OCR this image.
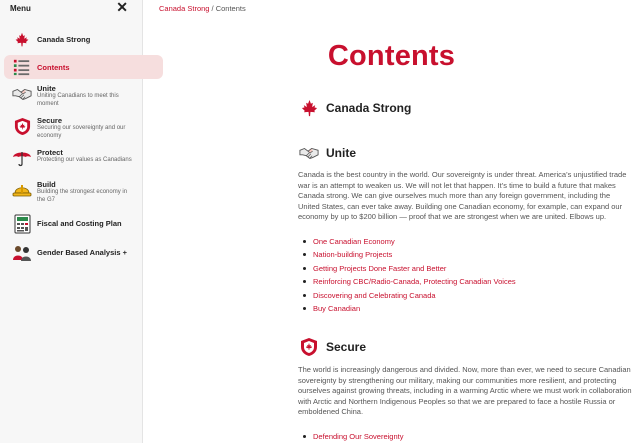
Menu	✕
Canada Strong
Contents
Unite
Uniting Canadians to meet this moment
Secure
Securing our sovereignty and our economy
Protect
Protecting our values as Canadians
Build
Building the strongest economy in the G7
Fiscal and Costing Plan
Gender Based Analysis +
Canada Strong / Contents
Contents
Canada Strong
Unite

Canada is the best country in the world. Our sovereignty is under threat. America’s unjustified trade war is an attempt to weaken us. We will not let that happen. It’s time to build a future that makes Canada strong. We can give ourselves much more than any foreign government, including the United States, can ever take away. Building one Canadian economy, for example, can expand our economy by up to $200 billion — proof that we are strongest when we are united. Elbows up.

One Canadian Economy
Nation-building Projects
Getting Projects Done Faster and Better
Reinforcing CBC/Radio-Canada, Protecting Canadian Voices
Discovering and Celebrating Canada
Buy Canadian
Secure

The world is increasingly dangerous and divided. Now, more than ever, we need to secure Canadian sovereignty by strengthening our military, making our communities more resilient, and protecting ourselves against growing threats, including in a warming Arctic where we must work in collaboration with Arctic and Northern Indigenous Peoples so that we are prepared to face a hostile Russia or emboldened China.

Defending Our Sovereignty
